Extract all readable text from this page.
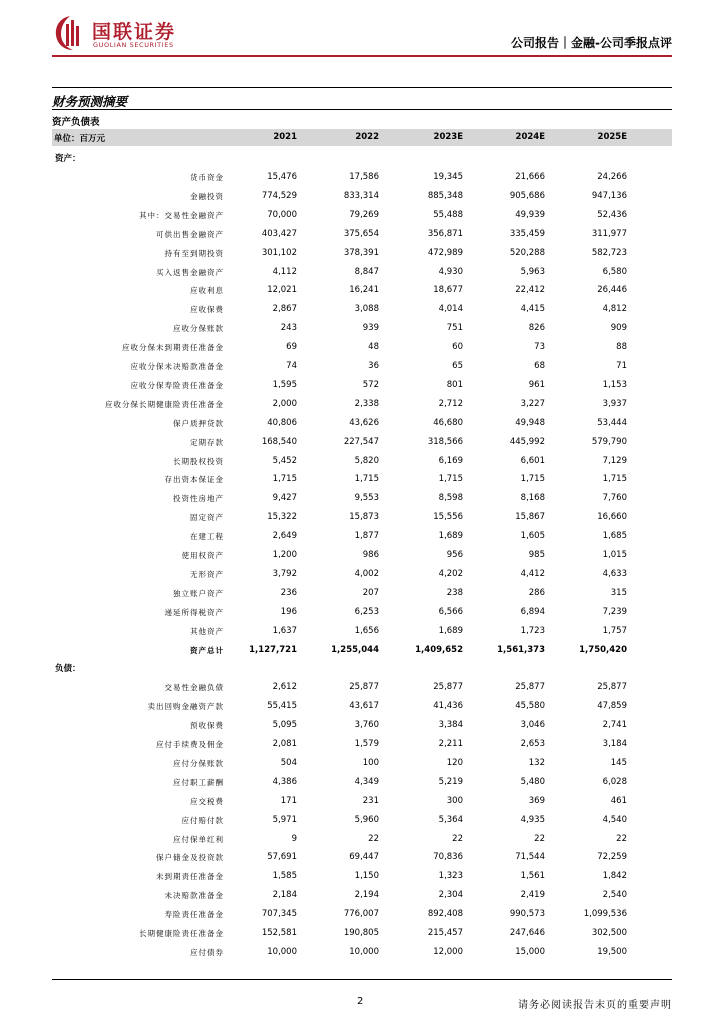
国联证券
GUOLIAN SECURITIES	公司报告｜金融-公司季报点评
财务预测摘要
资产负债表
单位：百万元	2021	2022	2023E	2024E	2025E
资产：
货币资金	15,476	17,586	19,345	21,666	24,266
金融投资	774,529	833,314	885,348	905,686	947,136
其中：交易性金融资产	70,000	79,269	55,488	49,939	52,436
可供出售金融资产	403,427	375,654	356,871	335,459	311,977
持有至到期投资	301,102	378,391	472,989	520,288	582,723
买入返售金融资产	4,112	8,847	4,930	5,963	6,580
应收利息	12,021	16,241	18,677	22,412	26,446
应收保费	2,867	3,088	4,014	4,415	4,812
应收分保账款	243	939	751	826	909
应收分保未到期责任准备金	69	48	60	73	88
应收分保未决赔款准备金	74	36	65	68	71
应收分保寿险责任准备金	1,595	572	801	961	1,153
应收分保长期健康险责任准备金	2,000	2,338	2,712	3,227	3,937
保户质押贷款	40,806	43,626	46,680	49,948	53,444
定期存款	168,540	227,547	318,566	445,992	579,790
长期股权投资	5,452	5,820	6,169	6,601	7,129
存出资本保证金	1,715	1,715	1,715	1,715	1,715
投资性房地产	9,427	9,553	8,598	8,168	7,760
固定资产	15,322	15,873	15,556	15,867	16,660
在建工程	2,649	1,877	1,689	1,605	1,685
使用权资产	1,200	986	956	985	1,015
无形资产	3,792	4,002	4,202	4,412	4,633
独立账户资产	236	207	238	286	315
递延所得税资产	196	6,253	6,566	6,894	7,239
其他资产	1,637	1,656	1,689	1,723	1,757
资产总计	1,127,721	1,255,044	1,409,652	1,561,373	1,750,420
负债：
交易性金融负债	2,612	25,877	25,877	25,877	25,877
卖出回购金融资产款	55,415	43,617	41,436	45,580	47,859
预收保费	5,095	3,760	3,384	3,046	2,741
应付手续费及佣金	2,081	1,579	2,211	2,653	3,184
应付分保账款	504	100	120	132	145
应付职工薪酬	4,386	4,349	5,219	5,480	6,028
应交税费	171	231	300	369	461
应付赔付款	5,971	5,960	5,364	4,935	4,540
应付保单红利	9	22	22	22	22
保户储金及投资款	57,691	69,447	70,836	71,544	72,259
未到期责任准备金	1,585	1,150	1,323	1,561	1,842
未决赔款准备金	2,184	2,194	2,304	2,419	2,540
寿险责任准备金	707,345	776,007	892,408	990,573	1,099,536
长期健康险责任准备金	152,581	190,805	215,457	247,646	302,500
应付债券	10,000	10,000	12,000	15,000	19,500
2	请务必阅读报告末页的重要声明
